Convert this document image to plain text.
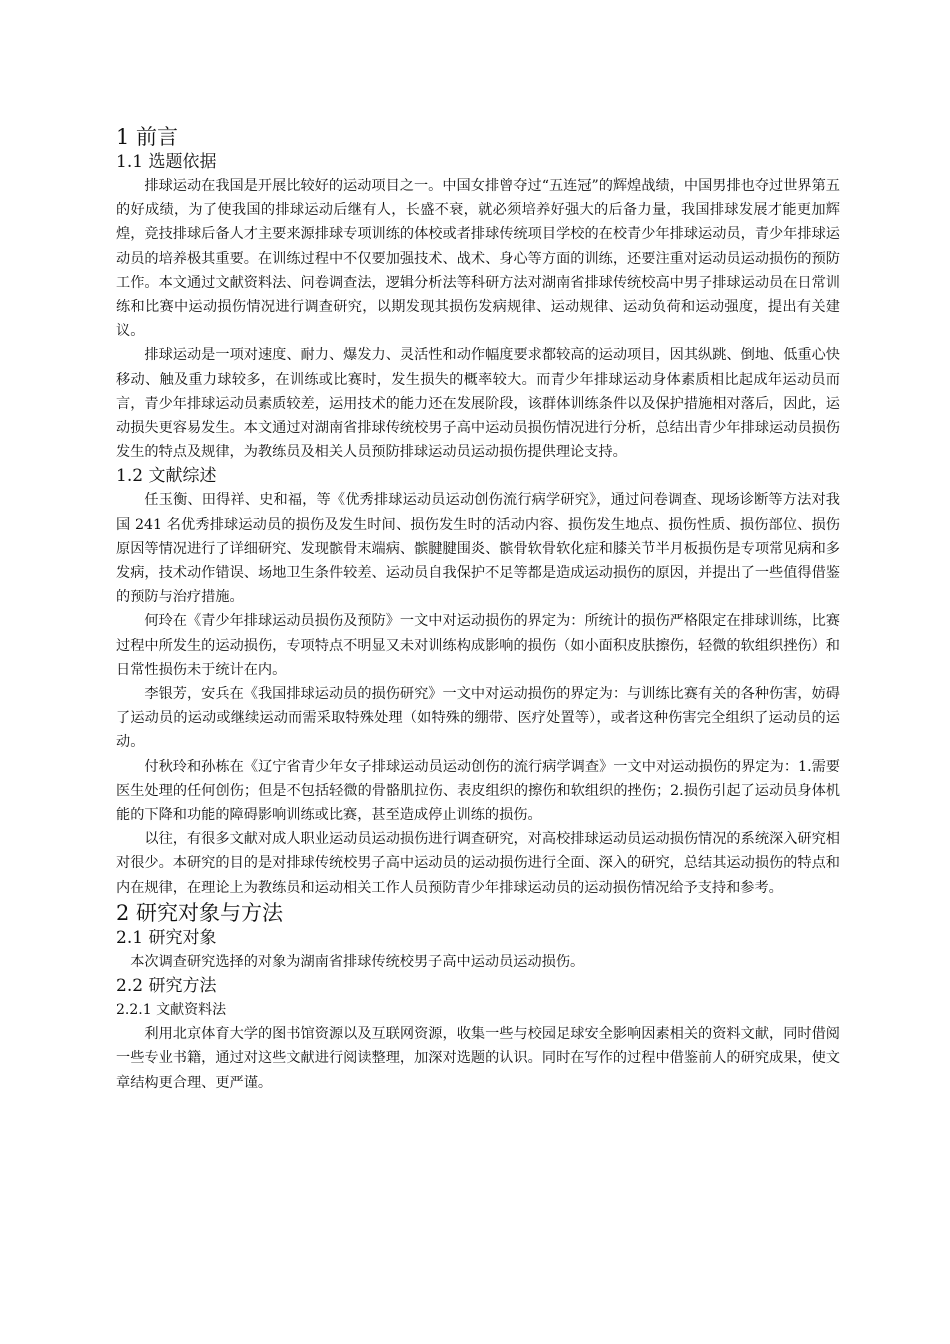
1 前言
1.1 选题依据

排球运动在我国是开展比较好的运动项目之一。中国女排曾夺过“五连冠”的辉煌战绩，中国男排也夺过世界第五的好成绩，为了使我国的排球运动后继有人，长盛不衰，就必须培养好强大的后备力量，我国排球发展才能更加辉煌，竞技排球后备人才主要来源排球专项训练的体校或者排球传统项目学校的在校青少年排球运动员，青少年排球运动员的培养极其重要。在训练过程中不仅要加强技术、战术、身心等方面的训练，还要注重对运动员运动损伤的预防工作。本文通过文献资料法、问卷调查法，逻辑分析法等科研方法对湖南省排球传统校高中男子排球运动员在日常训练和比赛中运动损伤情况进行调查研究，以期发现其损伤发病规律、运动规律、运动负荷和运动强度，提出有关建议。

排球运动是一项对速度、耐力、爆发力、灵活性和动作幅度要求都较高的运动项目，因其纵跳、倒地、低重心快移动、触及重力球较多，在训练或比赛时，发生损失的概率较大。而青少年排球运动身体素质相比起成年运动员而言，青少年排球运动员素质较差，运用技术的能力还在发展阶段，该群体训练条件以及保护措施相对落后，因此，运动损失更容易发生。本文通过对湖南省排球传统校男子高中运动员损伤情况进行分析，总结出青少年排球运动员损伤发生的特点及规律，为教练员及相关人员预防排球运动员运动损伤提供理论支持。

1.2 文献综述

任玉衡、田得祥、史和福，等《优秀排球运动员运动创伤流行病学研究》，通过问卷调查、现场诊断等方法对我国 241 名优秀排球运动员的损伤及发生时间、损伤发生时的活动内容、损伤发生地点、损伤性质、损伤部位、损伤原因等情况进行了详细研究、发现髌骨末端病、髌腱腱围炎、髌骨软骨软化症和膝关节半月板损伤是专项常见病和多发病，技术动作错误、场地卫生条件较差、运动员自我保护不足等都是造成运动损伤的原因，并提出了一些值得借鉴的预防与治疗措施。

何玲在《青少年排球运动员损伤及预防》一文中对运动损伤的界定为：所统计的损伤严格限定在排球训练，比赛过程中所发生的运动损伤，专项特点不明显又未对训练构成影响的损伤（如小面积皮肤擦伤，轻微的软组织挫伤）和日常性损伤未于统计在内。

李银芳，安兵在《我国排球运动员的损伤研究》一文中对运动损伤的界定为：与训练比赛有关的各种伤害，妨碍了运动员的运动或继续运动而需采取特殊处理（如特殊的绷带、医疗处置等），或者这种伤害完全组织了运动员的运动。

付秋玲和孙栋在《辽宁省青少年女子排球运动员运动创伤的流行病学调查》一文中对运动损伤的界定为：1.需要医生处理的任何创伤；但是不包括轻微的骨骼肌拉伤、表皮组织的擦伤和软组织的挫伤；2.损伤引起了运动员身体机能的下降和功能的障碍影响训练或比赛，甚至造成停止训练的损伤。

以往，有很多文献对成人职业运动员运动损伤进行调查研究，对高校排球运动员运动损伤情况的系统深入研究相对很少。本研究的目的是对排球传统校男子高中运动员的运动损伤进行全面、深入的研究，总结其运动损伤的特点和内在规律，在理论上为教练员和运动相关工作人员预防青少年排球运动员的运动损伤情况给予支持和参考。

2 研究对象与方法
2.1 研究对象

本次调查研究选择的对象为湖南省排球传统校男子高中运动员运动损伤。

2.2 研究方法
2.2.1 文献资料法

利用北京体育大学的图书馆资源以及互联网资源，收集一些与校园足球安全影响因素相关的资料文献，同时借阅一些专业书籍，通过对这些文献进行阅读整理，加深对选题的认识。同时在写作的过程中借鉴前人的研究成果，使文章结构更合理、更严谨。
